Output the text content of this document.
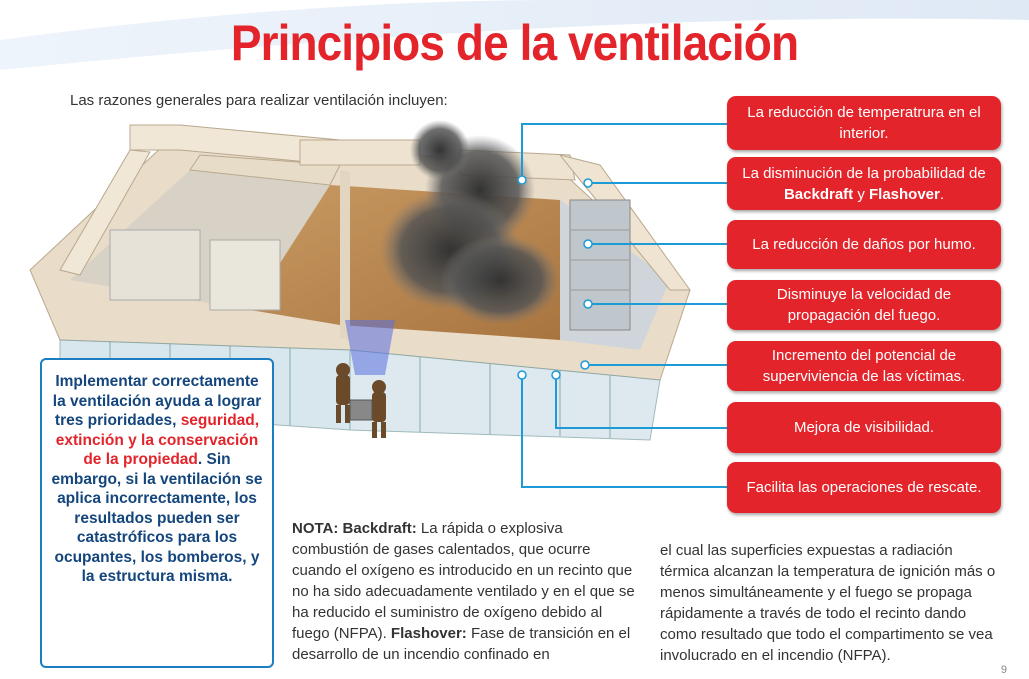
Principios de la ventilación
Las razones generales para realizar ventilación incluyen:
La reducción de temperatrura en el interior.
La disminución de la probabilidad de Backdraft y Flashover.
La reducción de daños por humo.
Disminuye la velocidad de propagación del fuego.
Incremento del potencial de superviviencia de las víctimas.
Mejora de visibilidad.
Facilita las operaciones de rescate.
Implementar correctamente la ventilación ayuda a lograr tres prioridades, seguridad, extinción y la conservación de la propiedad. Sin embargo, si la ventilación se aplica incorrectamente, los resultados pueden ser catastróficos para los ocupantes, los bomberos, y la estructura misma.
NOTA: Backdraft: La rápida o explosiva combustión de gases calentados, que ocurre cuando el oxígeno es introducido en un recinto que no ha sido adecuadamente ventilado y en el que se ha reducido el suministro de oxígeno debido al fuego (NFPA). Flashover: Fase de transición en el desarrollo de un incendio confinado en
el cual las superficies expuestas a radiación térmica alcanzan la temperatura de ignición más o menos simultáneamente y el fuego se propaga rápidamente a través de todo el recinto dando como resultado que todo el compartimento se vea involucrado en el incendio (NFPA).
9
